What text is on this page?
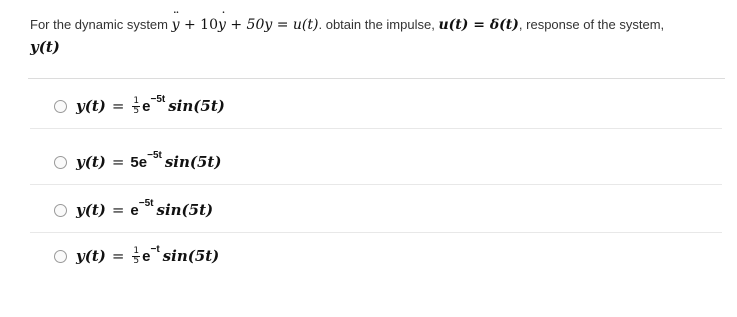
For the dynamic system y ¨ + 10y ˙ + 50y = u(t). obtain the impulse, u(t) = δ(t), response of the system,
y(t)
$y(t) = \frac{1}{5}$ e −5t sin(5t)
y(t) = 5 e −5t sin(5t)
y(t) = e −5t sin(5t)
$y(t) = \frac{1}{5}$ e −t sin(5t)
